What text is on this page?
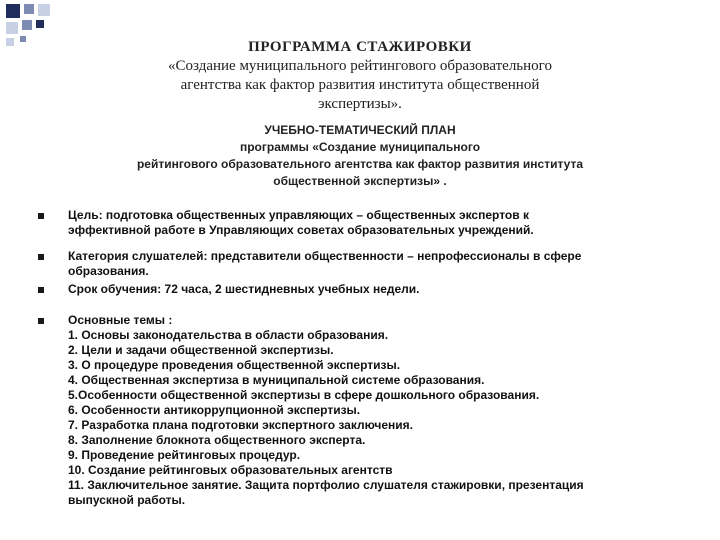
ПРОГРАММА СТАЖИРОВКИ
«Создание муниципального рейтингового образовательного
агентства как фактор развития института общественной
экспертизы».
УЧЕБНО-ТЕМАТИЧЕСКИЙ ПЛАН
программы «Создание муниципального
рейтингового образовательного агентства как фактор развития института
общественной экспертизы» .
Цель: подготовка общественных управляющих – общественных экспертов к
эффективной работе в Управляющих советах образовательных учреждений.
Категория слушателей: представители общественности – непрофессионалы в сфере
образования.
Срок обучения: 72 часа, 2 шестидневных учебных недели.
Основные темы :
1. Основы законодательства в области образования.
2. Цели и задачи общественной экспертизы.
3. О процедуре проведения общественной экспертизы.
4. Общественная экспертиза в муниципальной системе образования.
5.Особенности общественной экспертизы в сфере дошкольного образования.
6. Особенности антикоррупционной экспертизы.
7. Разработка плана подготовки экспертного заключения.
8. Заполнение блокнота общественного эксперта.
9. Проведение рейтинговых процедур.
10. Создание рейтинговых образовательных агентств
11. Заключительное занятие. Защита портфолио слушателя стажировки, презентация
выпускной работы.
